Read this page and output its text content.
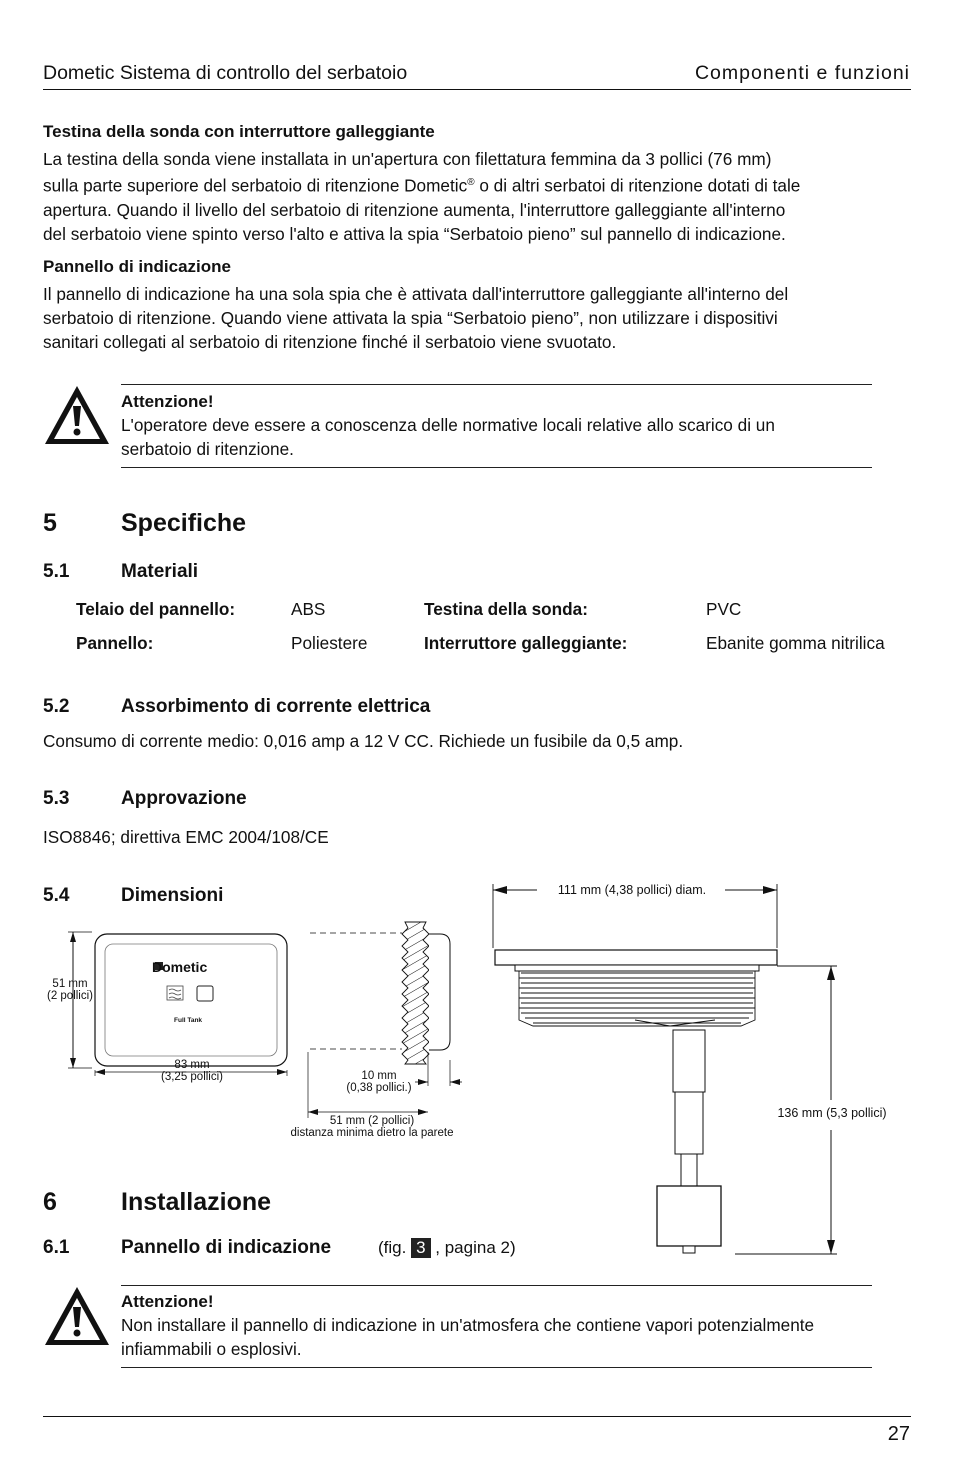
Dometic Sistema di controllo del serbatoio	Componenti e funzioni
Testina della sonda con interruttore galleggiante
La testina della sonda viene installata in un'apertura con filettatura femmina da 3 pollici (76 mm)
sulla parte superiore del serbatoio di ritenzione Dometic® o di altri serbatoi di ritenzione dotati di tale
apertura. Quando il livello del serbatoio di ritenzione aumenta, l'interruttore galleggiante all'interno
del serbatoio viene spinto verso l'alto e attiva la spia “Serbatoio pieno” sul pannello di indicazione.
Pannello di indicazione
Il pannello di indicazione ha una sola spia che è attivata dall'interruttore galleggiante all'interno del
serbatoio di ritenzione. Quando viene attivata la spia “Serbatoio pieno”, non utilizzare i dispositivi
sanitari collegati al serbatoio di ritenzione finché il serbatoio viene svuotato.
Attenzione!
L'operatore deve essere a conoscenza delle normative locali relative allo scarico di un
serbatoio di ritenzione.
5	Specifiche
5.1	Materiali
Telaio del pannello:	ABS	Testina della sonda:	PVC
Pannello:	Poliestere	Interruttore galleggiante:	Ebanite gomma nitrilica
5.2	Assorbimento di corrente elettrica
Consumo di corrente medio: 0,016 amp a 12 V CC. Richiede un fusibile da 0,5 amp.
5.3	Approvazione
ISO8846; direttiva EMC 2004/108/CE
5.4	Dimensioni
Dometic
Full Tank
51 mm
(2 pollici)
83 mm
(3,25 pollici)	10 mm
(0,38 pollici.)
51 mm (2 pollici)
distanza minima dietro la parete
111 mm (4,38 pollici) diam.
136 mm (5,3 pollici)
6	Installazione
6.1	Pannello di indicazione	(fig. 3 , pagina 2)
Attenzione!
Non installare il pannello di indicazione in un'atmosfera che contiene vapori potenzialmente
infiammabili o esplosivi.
27
